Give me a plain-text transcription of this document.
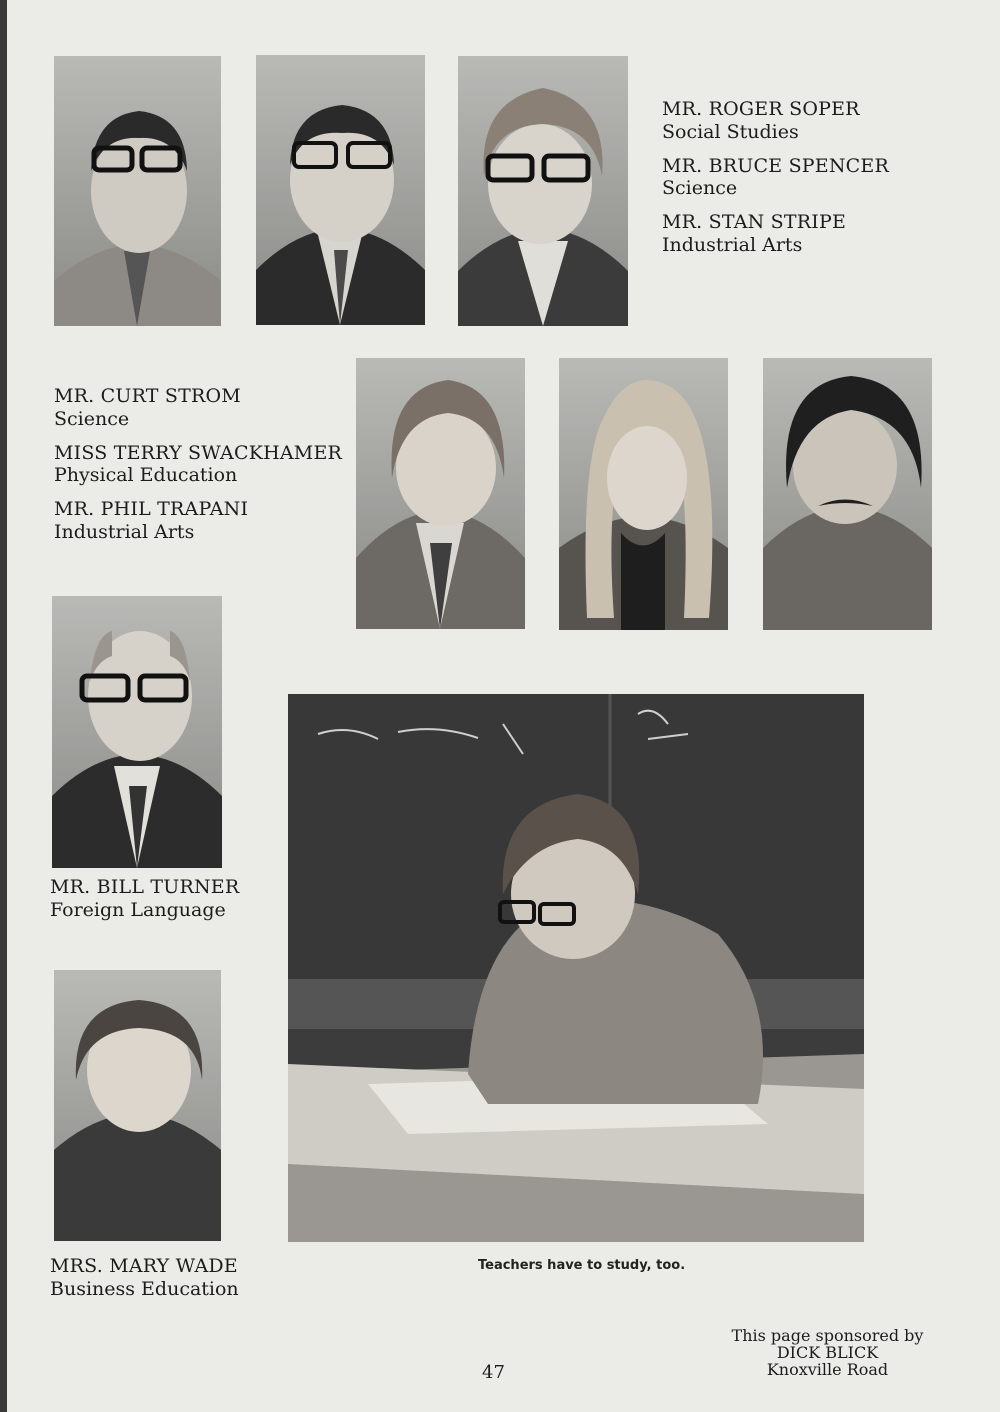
MR. ROGER SOPER
Social Studies
MR. BRUCE SPENCER
Science
MR. STAN STRIPE
Industrial Arts
MR. CURT STROM
Science
MISS TERRY SWACKHAMER
Physical Education
MR. PHIL TRAPANI
Industrial Arts
MR. BILL TURNER
Foreign Language
MRS. MARY WADE
Business Education
Teachers have to study, too.
This page sponsored by
DICK BLICK
Knoxville Road
47
